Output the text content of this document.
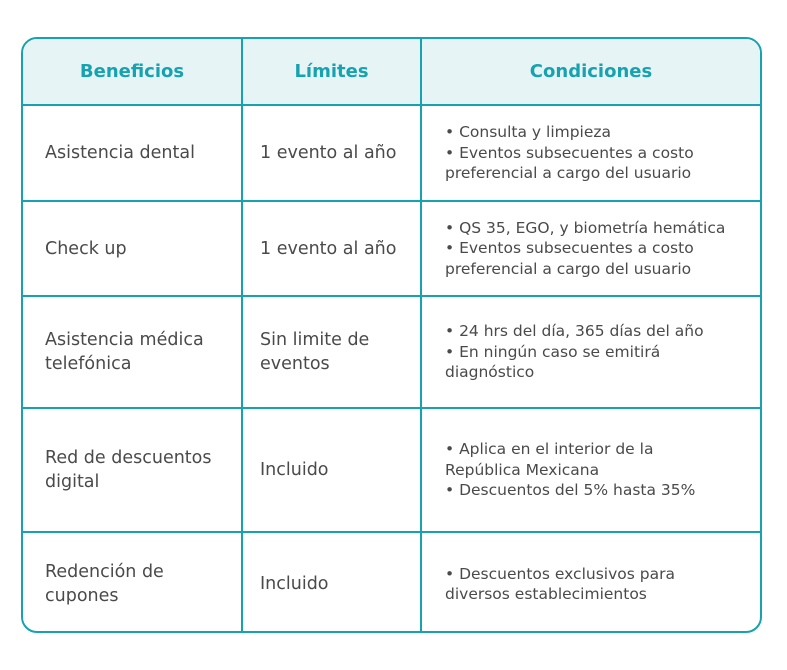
Beneficios	Límites	Condiciones
Asistencia dental	1 evento al año	• Consulta y limpieza
• Eventos subsecuentes a costo
preferencial a cargo del usuario

Check up	1 evento al año	• QS 35, EGO, y biometría hemática
• Eventos subsecuentes a costo
preferencial a cargo del usuario

Asistencia médica telefónica	Sin limite de eventos	• 24 hrs del día, 365 días del año
• En ningún caso se emitirá
diagnóstico

Red de descuentos digital	Incluido	• Aplica en el interior de la
República Mexicana
• Descuentos del 5% hasta 35%

Redención de cupones	Incluido	• Descuentos exclusivos para
diversos establecimientos
